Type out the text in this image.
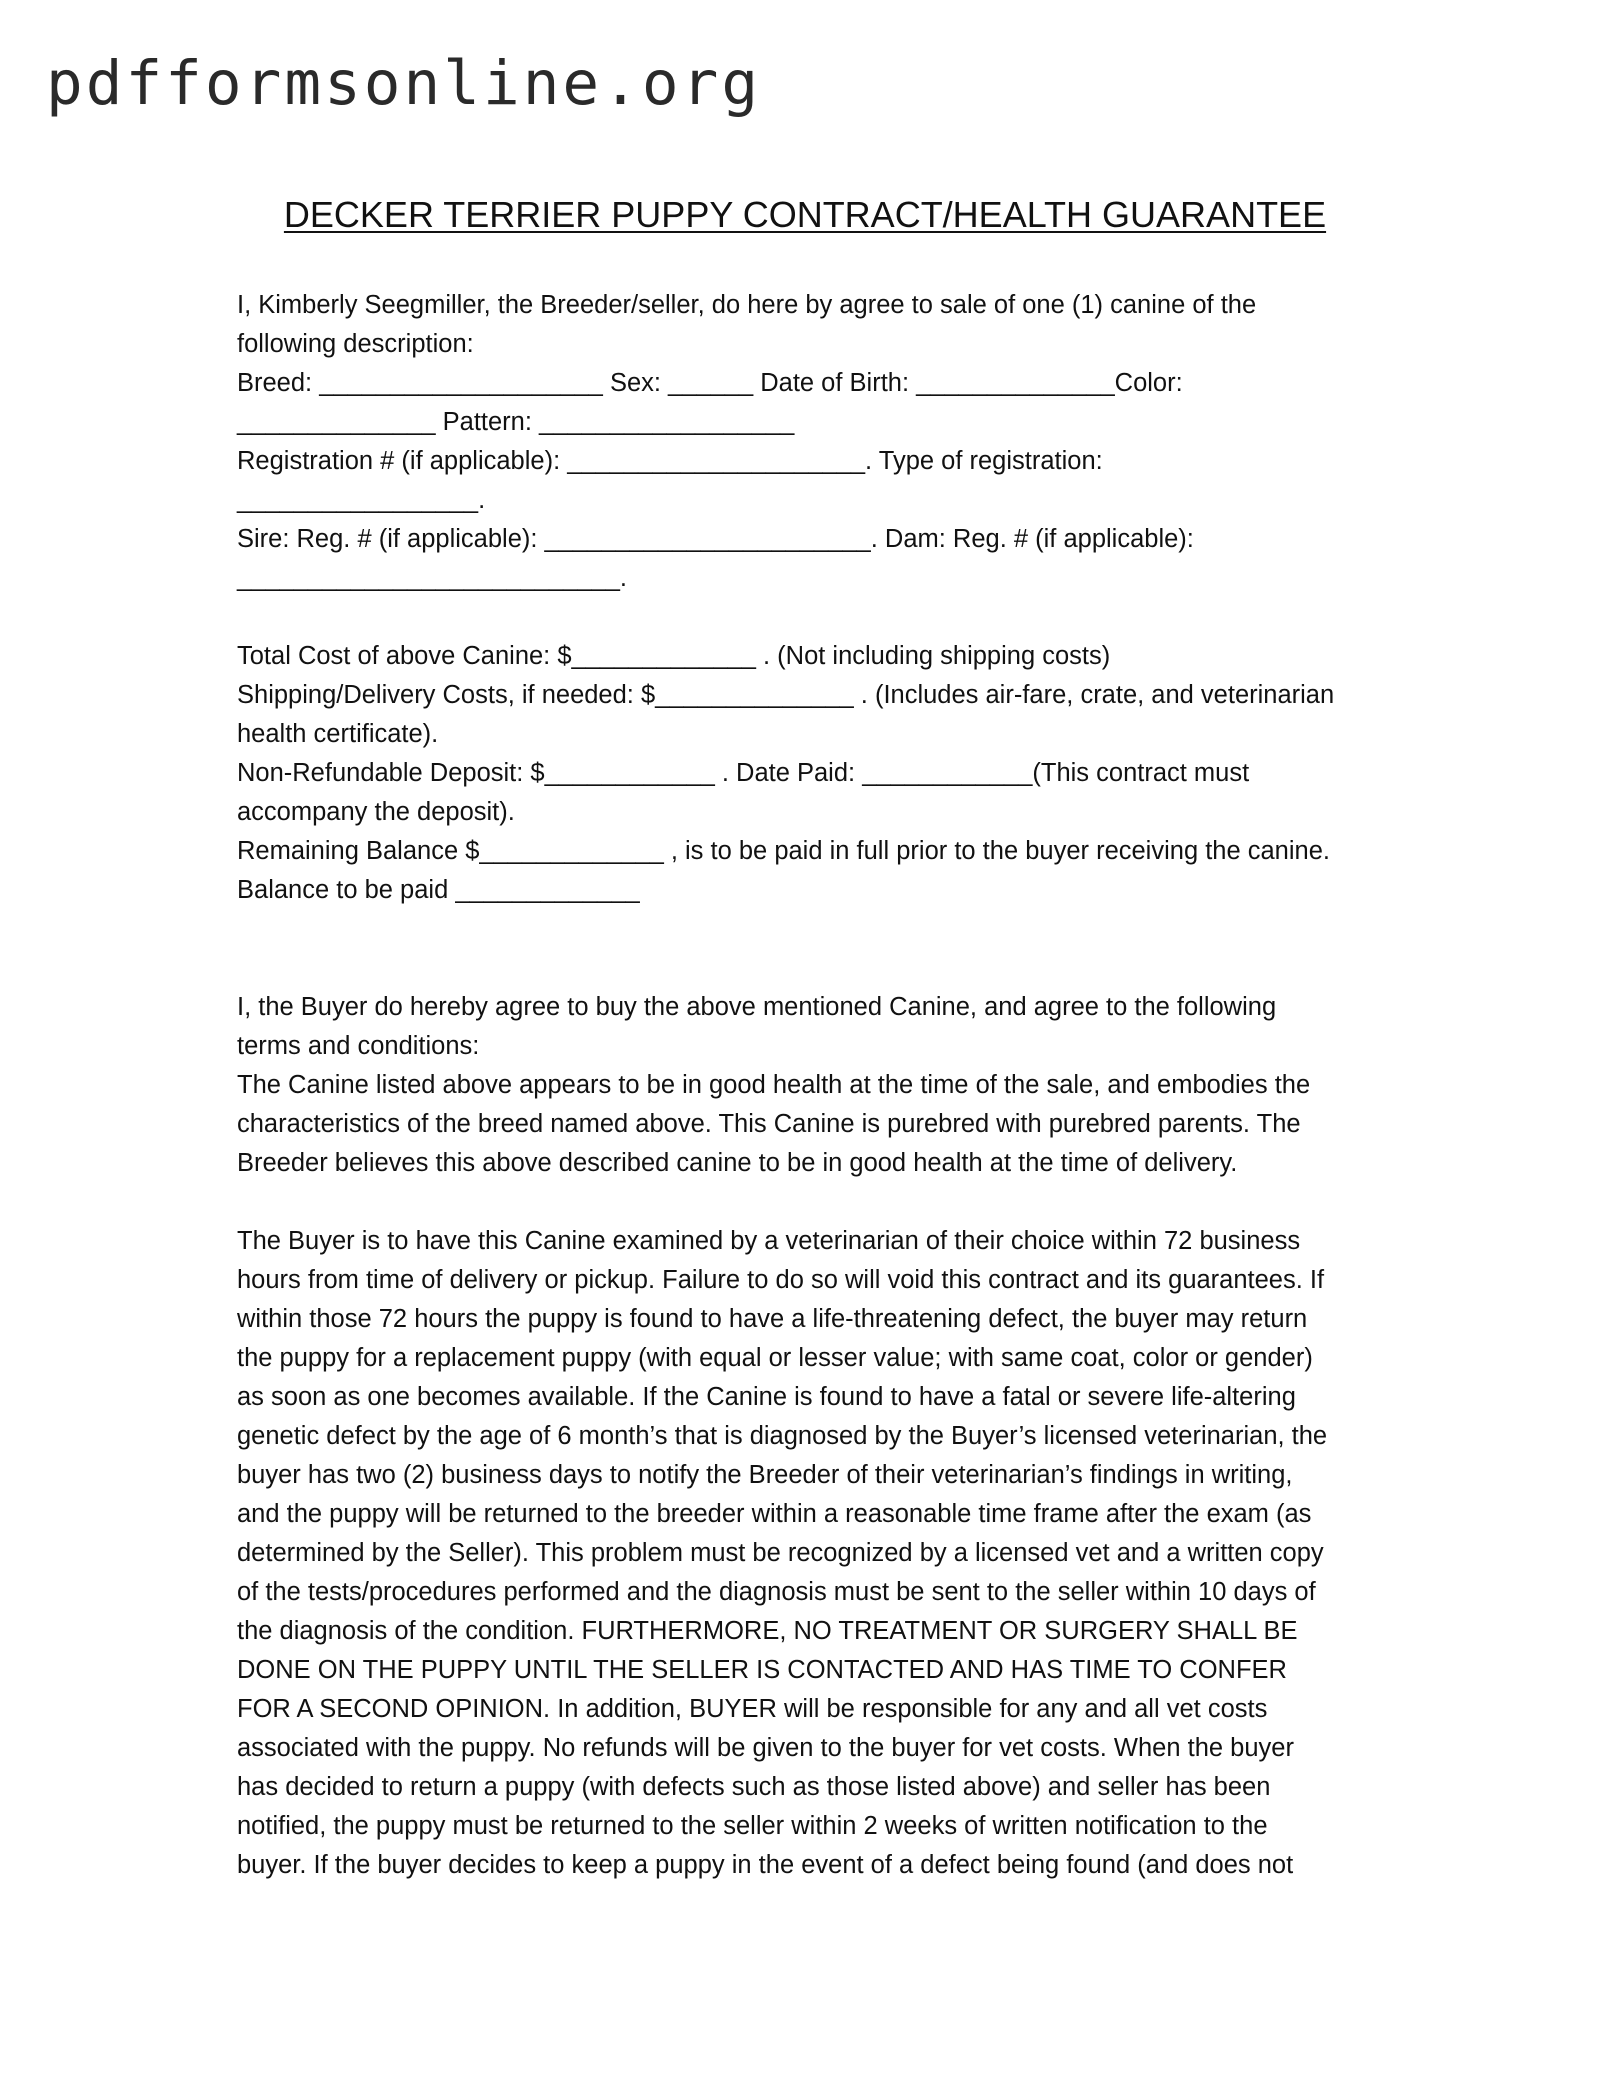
pdfformsonline.org
DECKER TERRIER PUPPY CONTRACT/HEALTH GUARANTEE
I, Kimberly Seegmiller, the Breeder/seller, do here by agree to sale of one (1) canine of the
following description:
Breed: ____________________ Sex: ______ Date of Birth: ______________Color:
______________ Pattern: __________________
Registration # (if applicable): _____________________. Type of registration:
_________________.
Sire: Reg. # (if applicable): _______________________. Dam: Reg. # (if applicable):
___________________________.
Total Cost of above Canine: $_____________ . (Not including shipping costs)
Shipping/Delivery Costs, if needed: $______________ . (Includes air-fare, crate, and veterinarian
health certificate).
Non-Refundable Deposit: $____________ . Date Paid: ____________(This contract must
accompany the deposit).
Remaining Balance $_____________ , is to be paid in full prior to the buyer receiving the canine.
Balance to be paid _____________
I, the Buyer do hereby agree to buy the above mentioned Canine, and agree to the following
terms and conditions:
The Canine listed above appears to be in good health at the time of the sale, and embodies the
characteristics of the breed named above. This Canine is purebred with purebred parents. The
Breeder believes this above described canine to be in good health at the time of delivery.
The Buyer is to have this Canine examined by a veterinarian of their choice within 72 business
hours from time of delivery or pickup. Failure to do so will void this contract and its guarantees. If
within those 72 hours the puppy is found to have a life-threatening defect, the buyer may return
the puppy for a replacement puppy (with equal or lesser value; with same coat, color or gender)
as soon as one becomes available. If the Canine is found to have a fatal or severe life-altering
genetic defect by the age of 6 month’s that is diagnosed by the Buyer’s licensed veterinarian, the
buyer has two (2) business days to notify the Breeder of their veterinarian’s findings in writing,
and the puppy will be returned to the breeder within a reasonable time frame after the exam (as
determined by the Seller). This problem must be recognized by a licensed vet and a written copy
of the tests/procedures performed and the diagnosis must be sent to the seller within 10 days of
the diagnosis of the condition. FURTHERMORE, NO TREATMENT OR SURGERY SHALL BE
DONE ON THE PUPPY UNTIL THE SELLER IS CONTACTED AND HAS TIME TO CONFER
FOR A SECOND OPINION. In addition, BUYER will be responsible for any and all vet costs
associated with the puppy. No refunds will be given to the buyer for vet costs. When the buyer
has decided to return a puppy (with defects such as those listed above) and seller has been
notified, the puppy must be returned to the seller within 2 weeks of written notification to the
buyer. If the buyer decides to keep a puppy in the event of a defect being found (and does not
